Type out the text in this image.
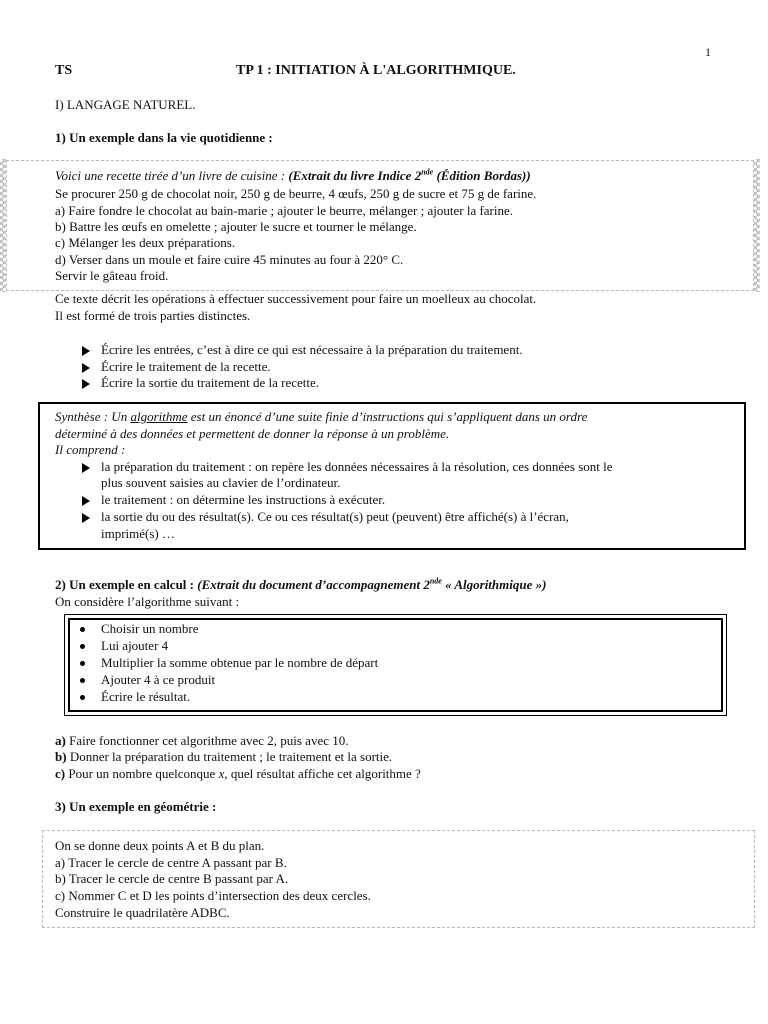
1
TS	TP 1 : INITIATION À L'ALGORITHMIQUE.
I) LANGAGE NATUREL.
1) Un exemple dans la vie quotidienne :
Voici une recette tirée d’un livre de cuisine : (Extrait du livre Indice 2nde (Édition Bordas))
Se procurer 250 g de chocolat noir, 250 g de beurre, 4 œufs, 250 g de sucre et 75 g de farine.
a) Faire fondre le chocolat au bain-marie ; ajouter le beurre, mélanger ; ajouter la farine.
b) Battre les œufs en omelette ; ajouter le sucre et tourner le mélange.
c) Mélanger les deux préparations.
d) Verser dans un moule et faire cuire 45 minutes au four à 220° C.
Servir le gâteau froid.
Ce texte décrit les opérations à effectuer successivement pour faire un moelleux au chocolat.
Il est formé de trois parties distinctes.
Écrire les entrées, c’est à dire ce qui est nécessaire à la préparation du traitement.
Écrire le traitement de la recette.
Écrire la sortie du traitement de la recette.
Synthèse : Un algorithme est un énoncé d’une suite finie d’instructions qui s’appliquent dans un ordre
déterminé à des données et permettent de donner la réponse à un problème.
Il comprend :
la préparation du traitement : on repère les données nécessaires à la résolution, ces données sont le
plus souvent saisies au clavier de l’ordinateur.
le traitement : on détermine les instructions à exécuter.
la sortie du ou des résultat(s). Ce ou ces résultat(s) peut (peuvent) être affiché(s) à l’écran,
imprimé(s) …
2) Un exemple en calcul : (Extrait du document d’accompagnement 2nde « Algorithmique »)
On considère l’algorithme suivant :
Choisir un nombre
Lui ajouter 4
Multiplier la somme obtenue par le nombre de départ
Ajouter 4 à ce produit
Écrire le résultat.
a) Faire fonctionner cet algorithme avec 2, puis avec 10.
b) Donner la préparation du traitement ; le traitement et la sortie.
c) Pour un nombre quelconque x, quel résultat affiche cet algorithme ?
3) Un exemple en géométrie :
On se donne deux points A et B du plan.
a) Tracer le cercle de centre A passant par B.
b) Tracer le cercle de centre B passant par A.
c) Nommer C et D les points d’intersection des deux cercles.
Construire le quadrilatère ADBC.
